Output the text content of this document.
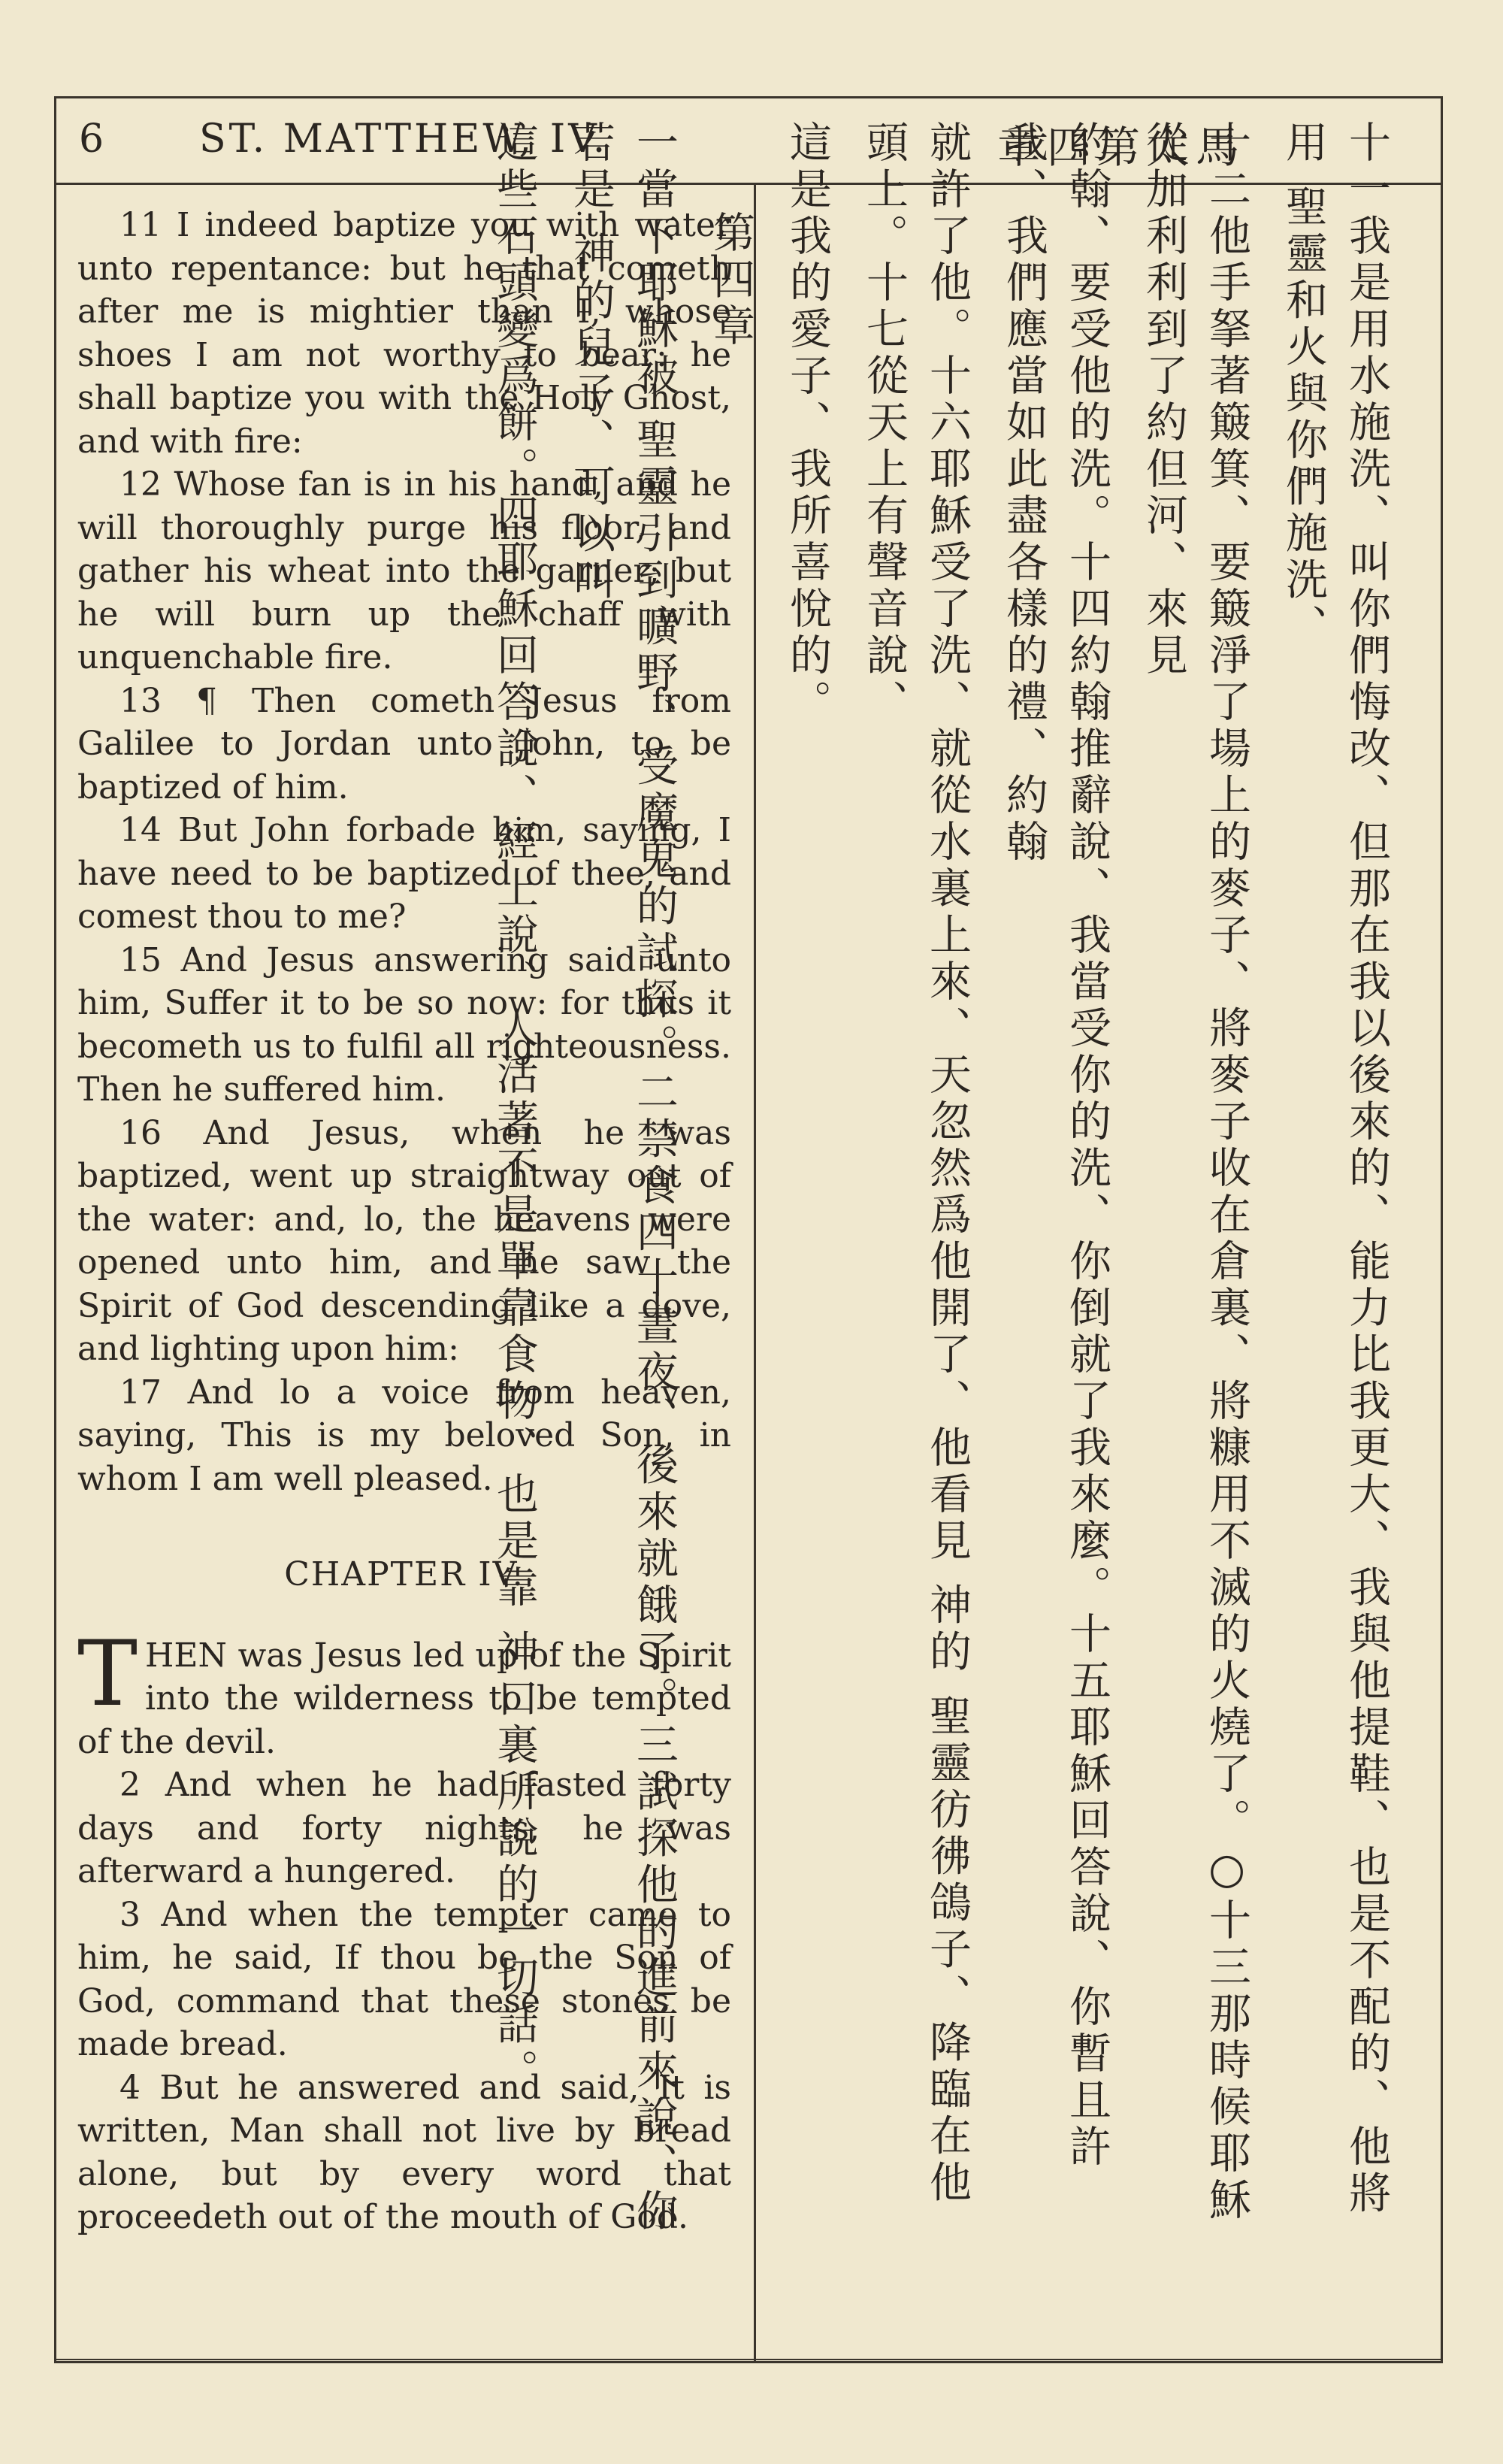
6 ST. MATTHEW, IV.	馬太第四章

11 I indeed baptize you with water unto repentance: but he that cometh after me is mightier than I, whose shoes I am not worthy to bear: he shall baptize you with the Holy Ghost, and with fire:

12 Whose fan is in his hand, and he will thoroughly purge his floor, and gather his wheat into the garner; but he will burn up the chaff with unquenchable fire.

13 ¶ Then cometh Jesus from Galilee to Jordan unto John, to be baptized of him.

14 But John forbade him, saying, I have need to be baptized of thee, and comest thou to me?

15 And Jesus answering said unto him, Suffer it to be so now: for thus it becometh us to fulfil all righteousness. Then he suffered him.

16 And Jesus, when he was baptized, went up straightway out of the water: and, lo, the heavens were opened unto him, and he saw the Spirit of God descending like a dove, and lighting upon him:

17 And lo a voice from heaven, saying, This is my beloved Son, in whom I am well pleased.

CHAPTER IV.

THEN was Jesus led up of the Spirit into the wilderness to be tempted of the devil.

2 And when he had fasted forty days and forty nights, he was afterward a hungered.

3 And when the tempter came to him, he said, If thou be the Son of God, command that these stones be made bread.

4 But he answered and said, It is written, Man shall not live by bread alone, but by every word that proceedeth out of the mouth of God.	十一我是用水施洗、叫你們悔改、但那在我以後來的、能力比我更大、我與他提鞋、也是不配的、他將用 聖靈和火與你們施洗、
十二他手拏著簸箕、要簸淨了場上的麥子、將麥子收在倉裏、將糠用不滅的火燒了。○十三那時候耶穌從加利利到了約但河、來見
約翰、要受他的洗。十四約翰推辭說、我當受你的洗、你倒就了我來麼。十五耶穌回答說、你暫且許我、我們應當如此盡各樣的禮、約翰
就許了他。十六耶穌受了洗、就從水裏上來、天忽然爲他開了、他看見 神的 聖靈彷彿鴿子、降臨在他頭上。十七從天上有聲音說、
這是我的愛子、我所喜悅的。
第四章
一當下耶穌被 聖靈引到曠野、受魔鬼的試探。二禁食四十晝夜、後來就餓了。三試探他的進前來說、你若是 神的兒子、可以叫
這些石頭變爲餅。四耶穌回答說、經上說、人活著不是單靠食物、也是靠 神口裏所說的一切話。
